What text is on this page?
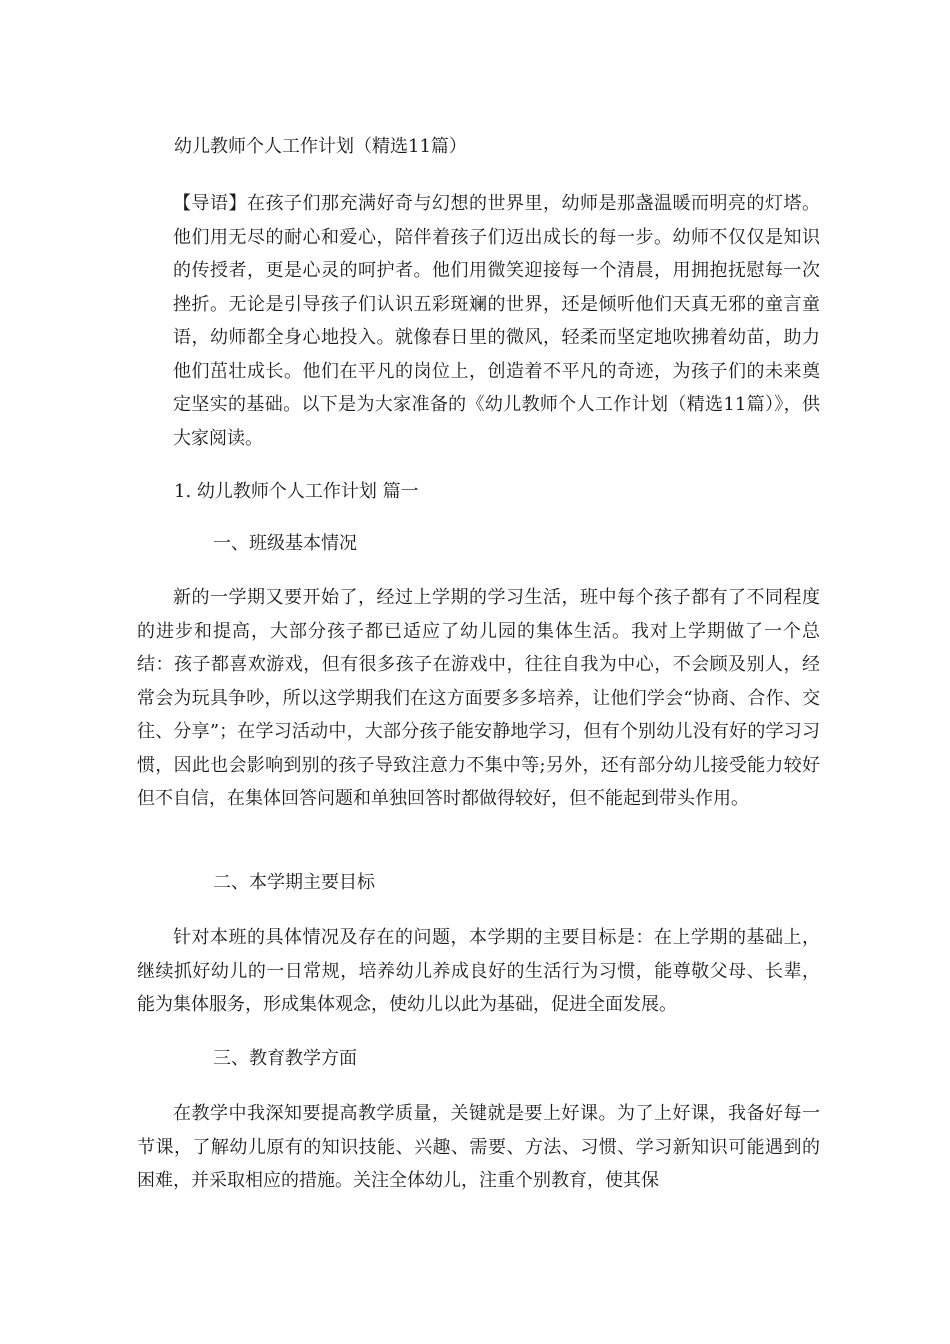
幼儿教师个人工作计划（精选11篇）

【导语】在孩子们那充满好奇与幻想的世界里，幼师是那盏温暖而明亮的灯塔。他们用无尽的耐心和爱心，陪伴着孩子们迈出成长的每一步。幼师不仅仅是知识的传授者，更是心灵的呵护者。他们用微笑迎接每一个清晨，用拥抱抚慰每一次挫折。无论是引导孩子们认识五彩斑斓的世界，还是倾听他们天真无邪的童言童语，幼师都全身心地投入。就像春日里的微风，轻柔而坚定地吹拂着幼苗，助力他们茁壮成长。他们在平凡的岗位上，创造着不平凡的奇迹，为孩子们的未来奠定坚实的基础。以下是为大家准备的《幼儿教师个人工作计划（精选11篇）》，供大家阅读。

1. 幼儿教师个人工作计划 篇一
一、班级基本情况

新的一学期又要开始了，经过上学期的学习生活，班中每个孩子都有了不同程度的进步和提高，大部分孩子都已适应了幼儿园的集体生活。我对上学期做了一个总结：孩子都喜欢游戏，但有很多孩子在游戏中，往往自我为中心，不会顾及别人，经常会为玩具争吵，所以这学期我们在这方面要多多培养，让他们学会“协商、合作、交往、分享”；在学习活动中，大部分孩子能安静地学习，但有个别幼儿没有好的学习习惯，因此也会影响到别的孩子导致注意力不集中等;另外，还有部分幼儿接受能力较好但不自信，在集体回答问题和单独回答时都做得较好，但不能起到带头作用。

二、本学期主要目标

针对本班的具体情况及存在的问题，本学期的主要目标是：在上学期的基础上，继续抓好幼儿的一日常规，培养幼儿养成良好的生活行为习惯，能尊敬父母、长辈，能为集体服务，形成集体观念，使幼儿以此为基础，促进全面发展。

三、教育教学方面

在教学中我深知要提高教学质量，关键就是要上好课。为了上好课，我备好每一节课，了解幼儿原有的知识技能、兴趣、需要、方法、习惯、学习新知识可能遇到的困难，并采取相应的措施。关注全体幼儿，注重个别教育，使其保
